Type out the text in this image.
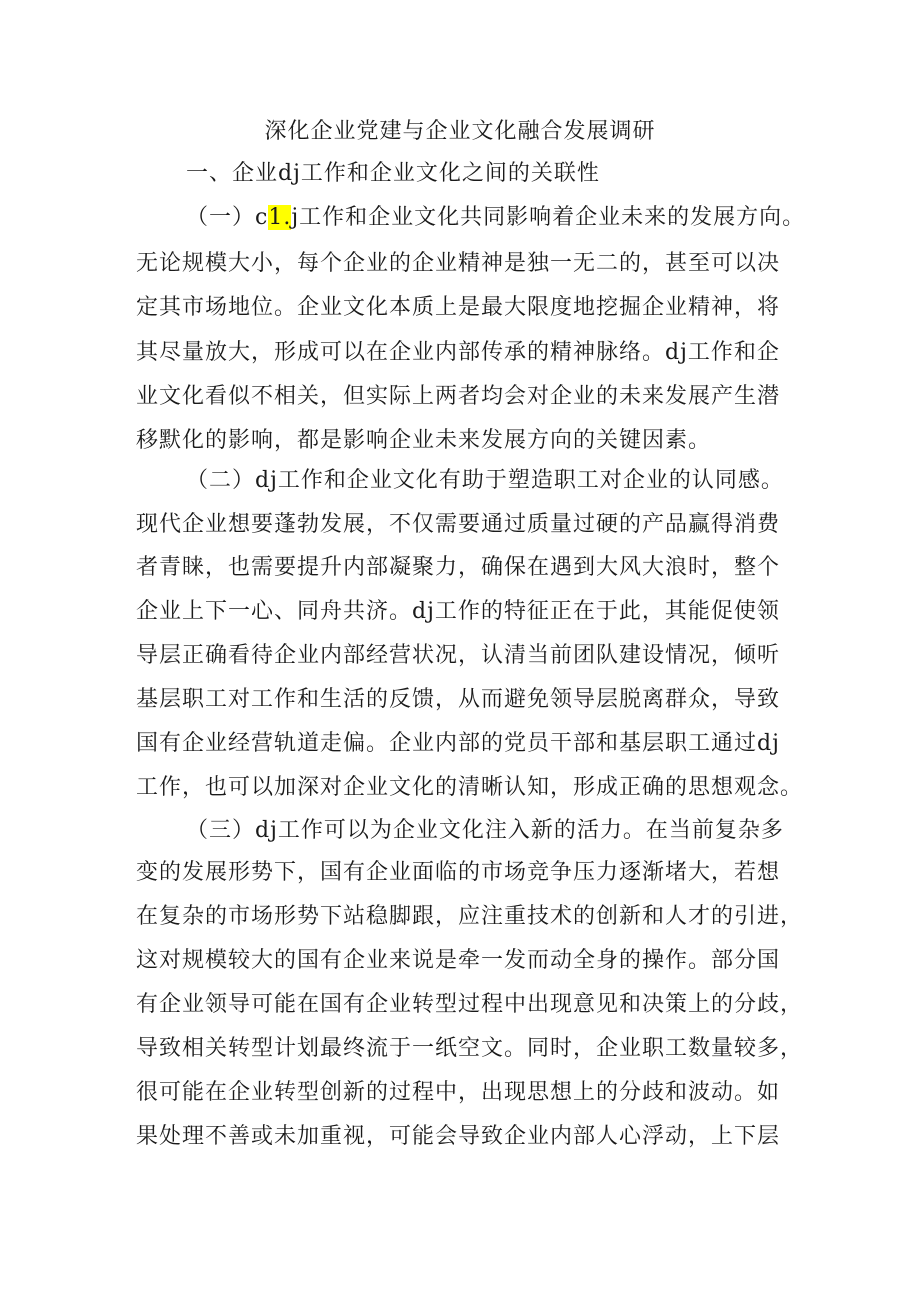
深化企业党建与企业文化融合发展调研
一、企业dj工作和企业文化之间的关联性
（一）c1.j工作和企业文化共同影响着企业未来的发展方向。
无论规模大小，每个企业的企业精神是独一无二的，甚至可以决
定其市场地位。企业文化本质上是最大限度地挖掘企业精神，将
其尽量放大，形成可以在企业内部传承的精神脉络。dj工作和企
业文化看似不相关，但实际上两者均会对企业的未来发展产生潜
移默化的影响，都是影响企业未来发展方向的关键因素。
（二）dj工作和企业文化有助于塑造职工对企业的认同感。
现代企业想要蓬勃发展，不仅需要通过质量过硬的产品赢得消费
者青睐，也需要提升内部凝聚力，确保在遇到大风大浪时，整个
企业上下一心、同舟共济。dj工作的特征正在于此，其能促使领
导层正确看待企业内部经营状况，认清当前团队建设情况，倾听
基层职工对工作和生活的反馈，从而避免领导层脱离群众，导致
国有企业经营轨道走偏。企业内部的党员干部和基层职工通过dj
工作，也可以加深对企业文化的清晰认知，形成正确的思想观念。
（三）dj工作可以为企业文化注入新的活力。在当前复杂多
变的发展形势下，国有企业面临的市场竞争压力逐渐堵大，若想
在复杂的市场形势下站稳脚跟，应注重技术的创新和人才的引进，
这对规模较大的国有企业来说是牵一发而动全身的操作。部分国
有企业领导可能在国有企业转型过程中出现意见和决策上的分歧，
导致相关转型计划最终流于一纸空文。同时，企业职工数量较多，
很可能在企业转型创新的过程中，出现思想上的分歧和波动。如
果处理不善或未加重视，可能会导致企业内部人心浮动，上下层
